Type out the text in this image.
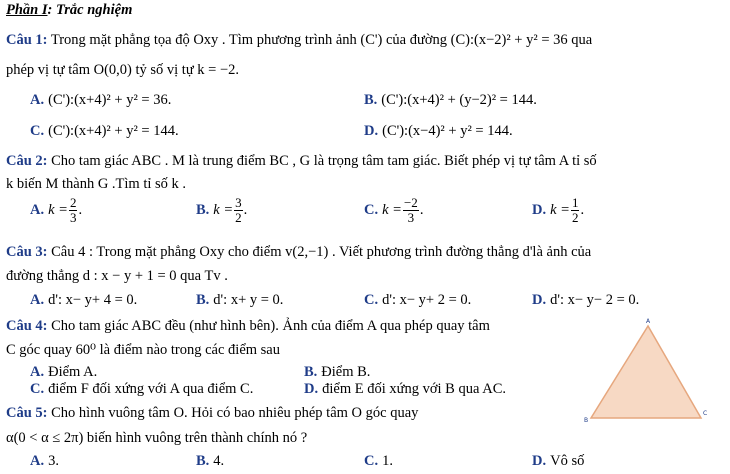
Phần I: Trắc nghiệm
Câu 1: Trong mặt phẳng tọa độ Oxy . Tìm phương trình ảnh (C') của đường (C):(x−2)² + y² = 36 qua
phép vị tự tâm O(0,0) tỷ số vị tự k = −2.
A. (C'):(x+4)² + y² = 36.	B. (C'):(x+4)² + (y−2)² = 144.
C. (C'):(x+4)² + y² = 144.	D. (C'):(x−4)² + y² = 144.
Câu 2: Cho tam giác ABC . M là trung điểm BC , G là trọng tâm tam giác. Biết phép vị tự tâm A tỉ số
k biến M thành G .Tìm tỉ số k .
A. $k = \frac{2}{3}$ .	B. $k = \frac{3}{2}$ .	C. $k = \frac{-2}{3}$ .	D. $k = \frac{1}{2}$ .
Câu 3: Câu 4 : Trong mặt phẳng Oxy cho điểm v(2,−1) . Viết phương trình đường thẳng d'là ảnh của
đường thẳng d : x − y + 1 = 0 qua Tv .
A. d': x− y+ 4 = 0.	B. d': x+ y = 0.	C. d': x− y+ 2 = 0.	D. d': x− y− 2 = 0.
Câu 4: Cho tam giác ABC đều (như hình bên). Ảnh của điểm A qua phép quay tâm
C góc quay 60⁰ là điểm nào trong các điểm sau
A. Điểm A.	B. Điểm B.
C. điểm F đối xứng với A qua điểm C.	D. điểm E đối xứng với B qua AC.
A
B
C
Câu 5: Cho hình vuông tâm O. Hỏi có bao nhiêu phép tâm O góc quay
α(0 < α ≤ 2π) biến hình vuông trên thành chính nó ?
A. 3.	B. 4.	C. 1.	D. Vô số
